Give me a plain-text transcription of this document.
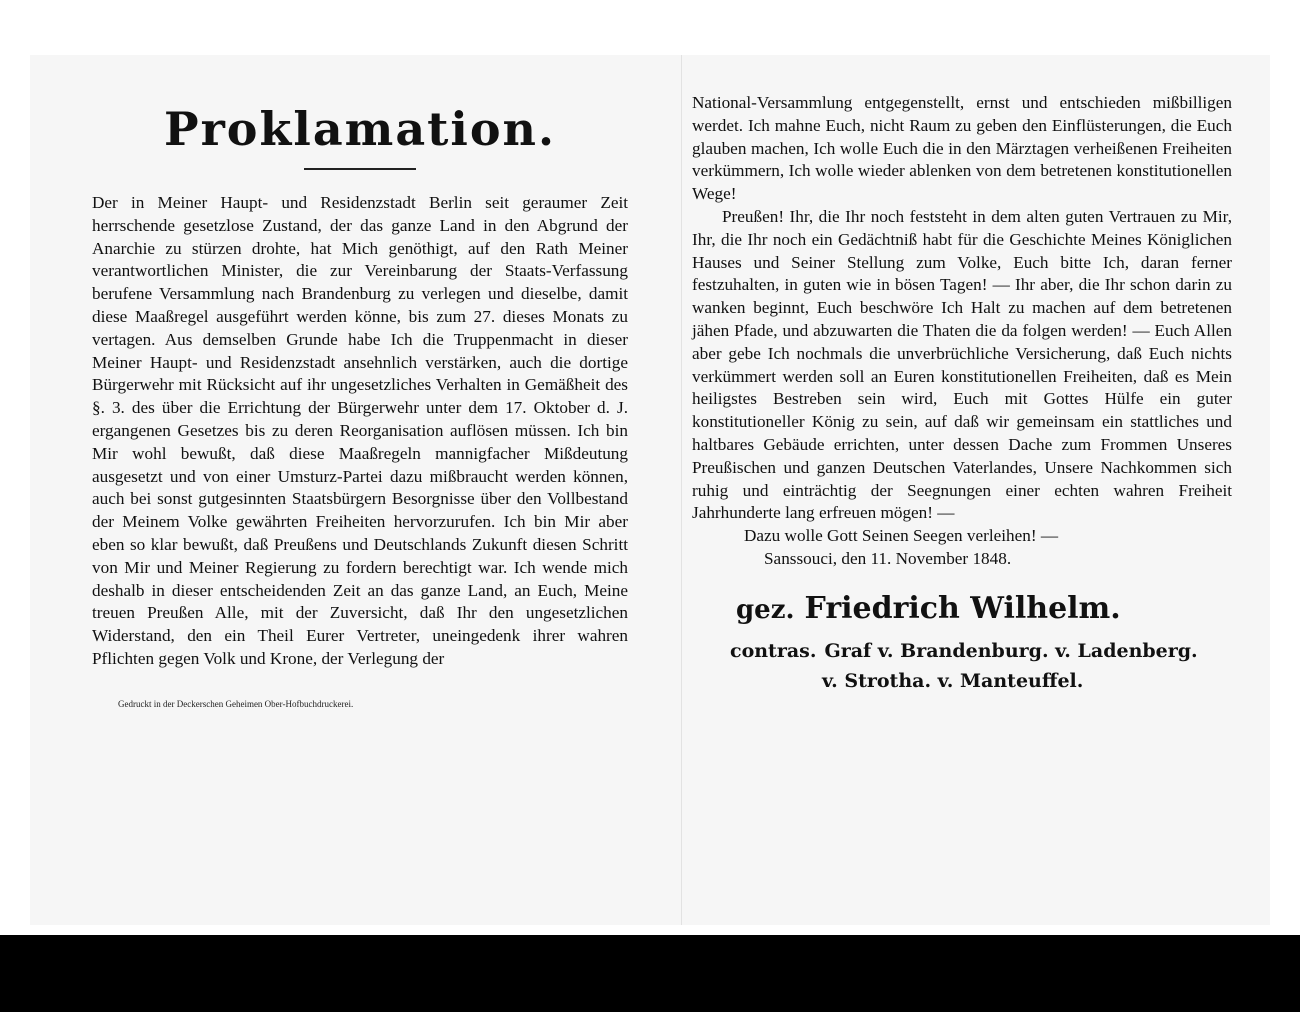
Proklamation.

Der in Meiner Haupt- und Residenzstadt Berlin seit geraumer Zeit herrschende gesetzlose Zustand, der das ganze Land in den Abgrund der Anarchie zu stürzen drohte, hat Mich genöthigt, auf den Rath Meiner verantwortlichen Minister, die zur Vereinbarung der Staats-Verfassung berufene Versammlung nach Brandenburg zu verlegen und dieselbe, damit diese Maaßregel ausgeführt werden könne, bis zum 27. dieses Monats zu vertagen. Aus demselben Grunde habe Ich die Truppenmacht in dieser Meiner Haupt- und Residenzstadt ansehnlich verstärken, auch die dortige Bürgerwehr mit Rücksicht auf ihr ungesetzliches Verhalten in Gemäßheit des §. 3. des über die Errichtung der Bürgerwehr unter dem 17. Oktober d. J. ergangenen Gesetzes bis zu deren Reorganisation auflösen müssen. Ich bin Mir wohl bewußt, daß diese Maaßregeln mannigfacher Mißdeutung ausgesetzt und von einer Umsturz-Partei dazu mißbraucht werden können, auch bei sonst gutgesinnten Staatsbürgern Besorgnisse über den Vollbestand der Meinem Volke gewährten Freiheiten hervorzurufen. Ich bin Mir aber eben so klar bewußt, daß Preußens und Deutschlands Zukunft diesen Schritt von Mir und Meiner Regierung zu fordern berechtigt war. Ich wende mich deshalb in dieser entscheidenden Zeit an das ganze Land, an Euch, Meine treuen Preußen Alle, mit der Zuversicht, daß Ihr den ungesetzlichen Widerstand, den ein Theil Eurer Vertreter, uneingedenk ihrer wahren Pflichten gegen Volk und Krone, der Verlegung der

Gedruckt in der Deckerschen Geheimen Ober-Hofbuchdruckerei.

National-Versammlung entgegenstellt, ernst und entschieden mißbilligen werdet. Ich mahne Euch, nicht Raum zu geben den Einflüsterungen, die Euch glauben machen, Ich wolle Euch die in den Märztagen verheißenen Freiheiten verkümmern, Ich wolle wieder ablenken von dem betretenen konstitutionellen Wege!

Preußen! Ihr, die Ihr noch feststeht in dem alten guten Vertrauen zu Mir, Ihr, die Ihr noch ein Gedächtniß habt für die Geschichte Meines Königlichen Hauses und Seiner Stellung zum Volke, Euch bitte Ich, daran ferner festzuhalten, in guten wie in bösen Tagen! — Ihr aber, die Ihr schon darin zu wanken beginnt, Euch beschwöre Ich Halt zu machen auf dem betretenen jähen Pfade, und abzuwarten die Thaten die da folgen werden! — Euch Allen aber gebe Ich nochmals die unverbrüchliche Versicherung, daß Euch nichts verkümmert werden soll an Euren konstitutionellen Freiheiten, daß es Mein heiligstes Bestreben sein wird, Euch mit Gottes Hülfe ein guter konstitutioneller König zu sein, auf daß wir gemeinsam ein stattliches und haltbares Gebäude errichten, unter dessen Dache zum Frommen Unseres Preußischen und ganzen Deutschen Vaterlandes, Unsere Nachkommen sich ruhig und einträchtig der Seegnungen einer echten wahren Freiheit Jahrhunderte lang erfreuen mögen! —

Dazu wolle Gott Seinen Seegen verleihen! —

Sanssouci, den 11. November 1848.

gez. Friedrich Wilhelm.
contras. Graf v. Brandenburg. v. Ladenberg.
v. Strotha. v. Manteuffel.
